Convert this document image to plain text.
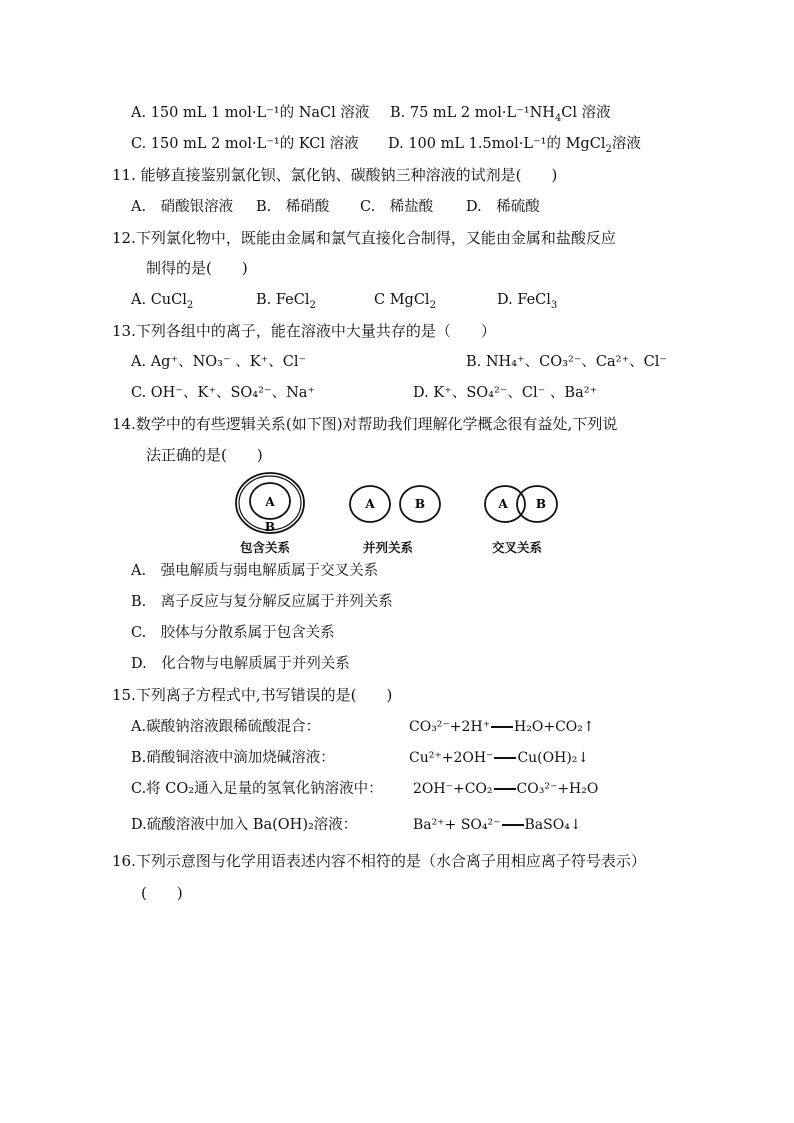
A. 150 mL 1 mol·L⁻¹的 NaCl 溶液 B. 75 mL 2 $mol\cdot L^{-1}NH_4Cl$ 溶液
C. 150 mL 2 mol·L⁻¹的 KCl 溶液 D. 100 mL 1.5mol·L⁻¹的 MgCl$_2$溶液
11. 能够直接鉴别氯化钡、氯化钠、碳酸钠三种溶液的试剂是(　　)
A.　硝酸银溶液 B.　稀硝酸 C.　稀盐酸 D.　稀硫酸
12.下列氯化物中，既能由金属和氯气直接化合制得，又能由金属和盐酸反应
制得的是(　　)
A. CuCl$_2$	B. FeCl$_2$	C MgCl$_2$	D. FeCl$_3$
13.下列各组中的离子，能在溶液中大量共存的是（　　）
A. Ag⁺、NO₃⁻ 、K⁺、Cl⁻	B. NH₄⁺、CO₃²⁻、Ca²⁺、Cl⁻
C. OH⁻、K⁺、SO₄²⁻、Na⁺	D. K⁺、SO₄²⁻、Cl⁻ 、Ba²⁺
14.数学中的有些逻辑关系(如下图)对帮助我们理解化学概念很有益处,下列说
法正确的是(　　)
A
B
A	B	A B
包含关系	并列关系	交叉关系
A.　强电解质与弱电解质属于交叉关系
B.　离子反应与复分解反应属于并列关系
C.　胶体与分散系属于包含关系
D.　化合物与电解质属于并列关系
15.下列离子方程式中,书写错误的是(　　)
A.碳酸钠溶液跟稀硫酸混合：	CO₃²⁻+2H⁺ H₂O+CO₂↑
B.硝酸铜溶液中滴加烧碱溶液：	Cu²⁺+2OH⁻ Cu(OH)₂↓
C.将 CO₂通入足量的氢氧化钠溶液中： 2OH⁻+CO₂ CO₃²⁻+H₂O
D.硫酸溶液中加入 Ba(OH)₂溶液：	Ba²⁺+ SO₄²⁻ BaSO₄↓
16.下列示意图与化学用语表述内容不相符的是（水合离子用相应离子符号表示）
(　　)
